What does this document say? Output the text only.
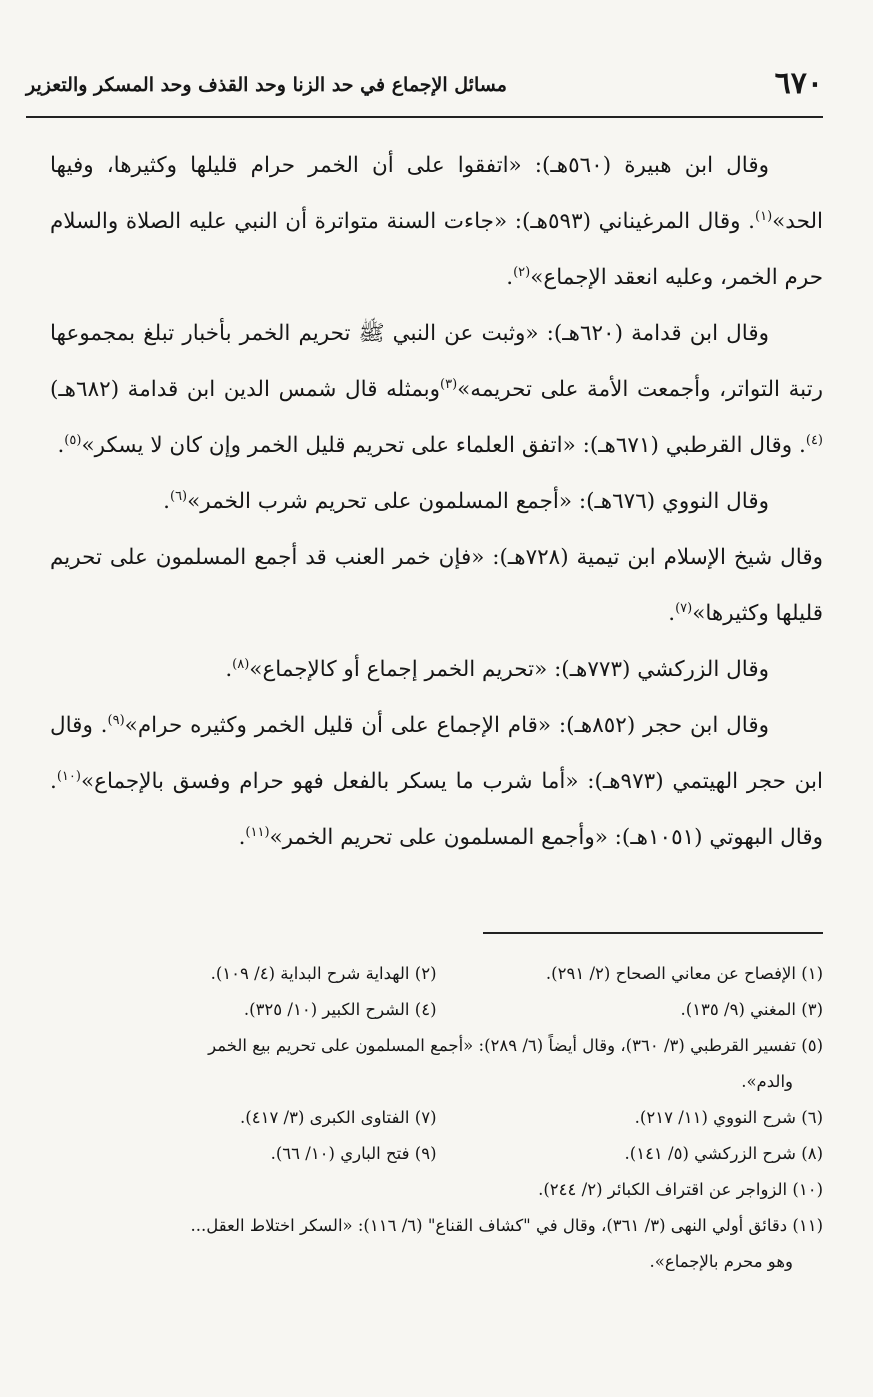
٦٧٠
مسائل الإجماع في حد الزنا وحد القذف وحد المسكر والتعزير

وقال ابن هبيرة (٥٦٠هـ): «اتفقوا على أن الخمر حرام قليلها وكثيرها، وفيها الحد»$^{(١)}$. وقال المرغيناني (٥٩٣هـ): «جاءت السنة متواترة أن النبي عليه الصلاة والسلام حرم الخمر، وعليه انعقد الإجماع»$^{(٢)}$.

وقال ابن قدامة (٦٢٠هـ): «وثبت عن النبي ﷺ تحريم الخمر بأخبار تبلغ بمجموعها رتبة التواتر، وأجمعت الأمة على تحريمه»$^{(٣)}$وبمثله قال شمس الدين ابن قدامة (٦٨٢هـ)$^{(٤)}$. وقال القرطبي (٦٧١هـ): «اتفق العلماء على تحريم قليل الخمر وإن كان لا يسكر»$^{(٥)}$.

وقال النووي (٦٧٦هـ): «أجمع المسلمون على تحريم شرب الخمر»$^{(٦)}$.

وقال شيخ الإسلام ابن تيمية (٧٢٨هـ): «فإن خمر العنب قد أجمع المسلمون على تحريم قليلها وكثيرها»$^{(٧)}$.

وقال الزركشي (٧٧٣هـ): «تحريم الخمر إجماع أو كالإجماع»$^{(٨)}$.

وقال ابن حجر (٨٥٢هـ): «قام الإجماع على أن قليل الخمر وكثيره حرام»$^{(٩)}$. وقال ابن حجر الهيتمي (٩٧٣هـ): «أما شرب ما يسكر بالفعل فهو حرام وفسق بالإجماع»$^{(١٠)}$. وقال البهوتي (١٠٥١هـ): «وأجمع المسلمون على تحريم الخمر»$^{(١١)}$.

(١) الإفصاح عن معاني الصحاح (٢/ ٢٩١).
(٢) الهداية شرح البداية (٤/ ١٠٩).
(٣) المغني (٩/ ١٣٥).
(٤) الشرح الكبير (١٠/ ٣٢٥).

(٥) تفسير القرطبي (٣/ ٣٦٠)، وقال أيضاً (٦/ ٢٨٩): «أجمع المسلمون على تحريم بيع الخمر

والدم».

(٦) شرح النووي (١١/ ٢١٧).
(٧) الفتاوى الكبرى (٣/ ٤١٧).
(٨) شرح الزركشي (٥/ ١٤١).
(٩) فتح الباري (١٠/ ٦٦).

(١٠) الزواجر عن اقتراف الكبائر (٢/ ٢٤٤).

(١١) دقائق أولي النهى (٣/ ٣٦١)، وقال في "كشاف القناع" (٦/ ١١٦): «السكر اختلاط العقل...

وهو محرم بالإجماع».
